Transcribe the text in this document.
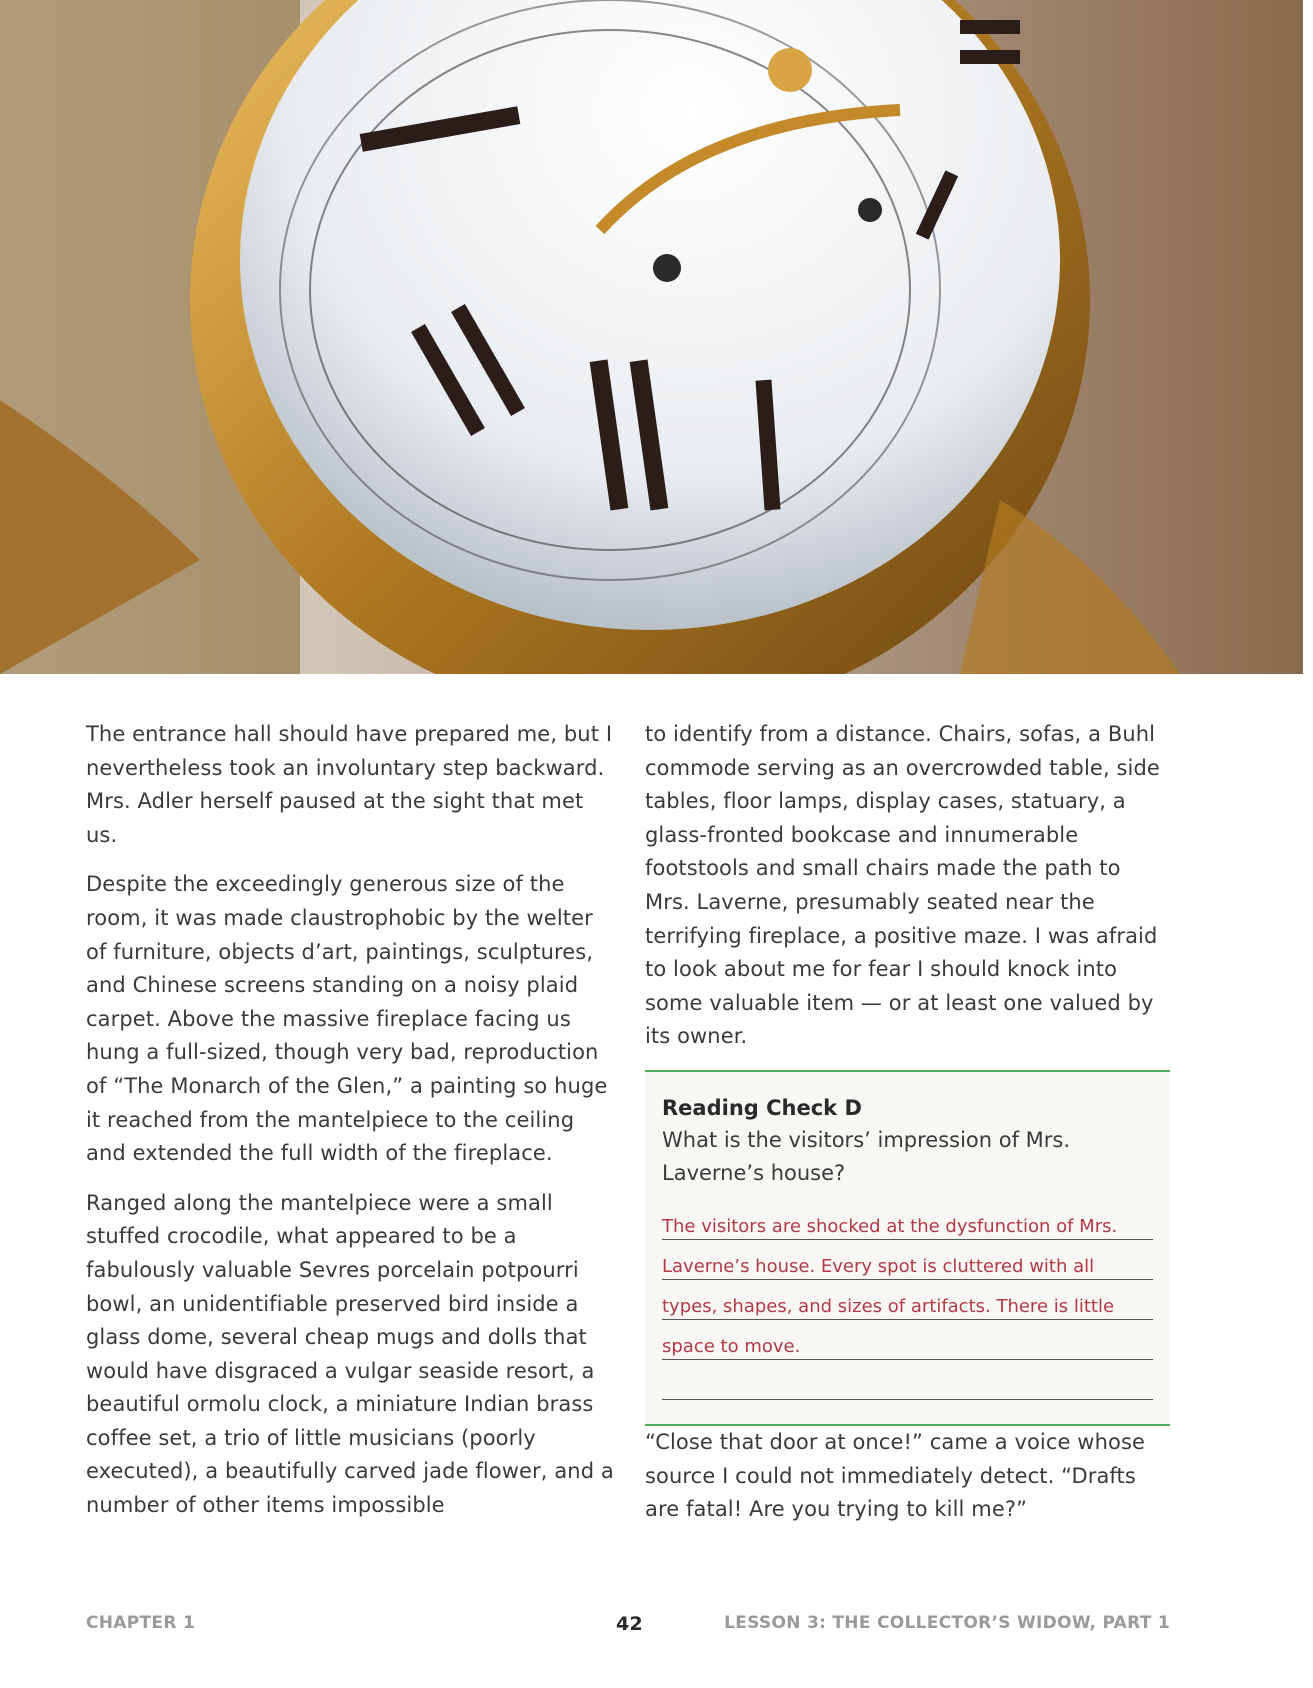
The entrance hall should have prepared me, but I nevertheless took an involuntary step backward. Mrs. Adler herself paused at the sight that met us.

Despite the exceedingly generous size of the room, it was made claustrophobic by the welter of furniture, objects d’art, paintings, sculptures, and Chinese screens standing on a noisy plaid carpet. Above the massive fireplace facing us hung a full-sized, though very bad, reproduction of “The Monarch of the Glen,” a painting so huge it reached from the mantelpiece to the ceiling and extended the full width of the fireplace.

Ranged along the mantelpiece were a small stuffed crocodile, what appeared to be a fabulously valuable Sevres porcelain potpourri bowl, an unidentifiable preserved bird inside a glass dome, several cheap mugs and dolls that would have disgraced a vulgar seaside resort, a beautiful ormolu clock, a miniature Indian brass coffee set, a trio of little musicians (poorly executed), a beautifully carved jade flower, and a number of other items impossible

to identify from a distance. Chairs, sofas, a Buhl commode serving as an overcrowded table, side tables, floor lamps, display cases, statuary, a glass-fronted bookcase and innumerable footstools and small chairs made the path to Mrs. Laverne, presumably seated near the terrifying fireplace, a positive maze. I was afraid to look about me for fear I should knock into some valuable item — or at least one valued by its owner.

Reading Check D
What is the visitors’ impression of Mrs. Laverne’s house?
The visitors are shocked at the dysfunction of Mrs.
Laverne’s house. Every spot is cluttered with all
types, shapes, and sizes of artifacts. There is little
space to move.

“Close that door at once!” came a voice whose source I could not immediately detect. “Drafts are fatal! Are you trying to kill me?”

CHAPTER 1	42	LESSON 3: THE COLLECTOR’S WIDOW, PART 1
